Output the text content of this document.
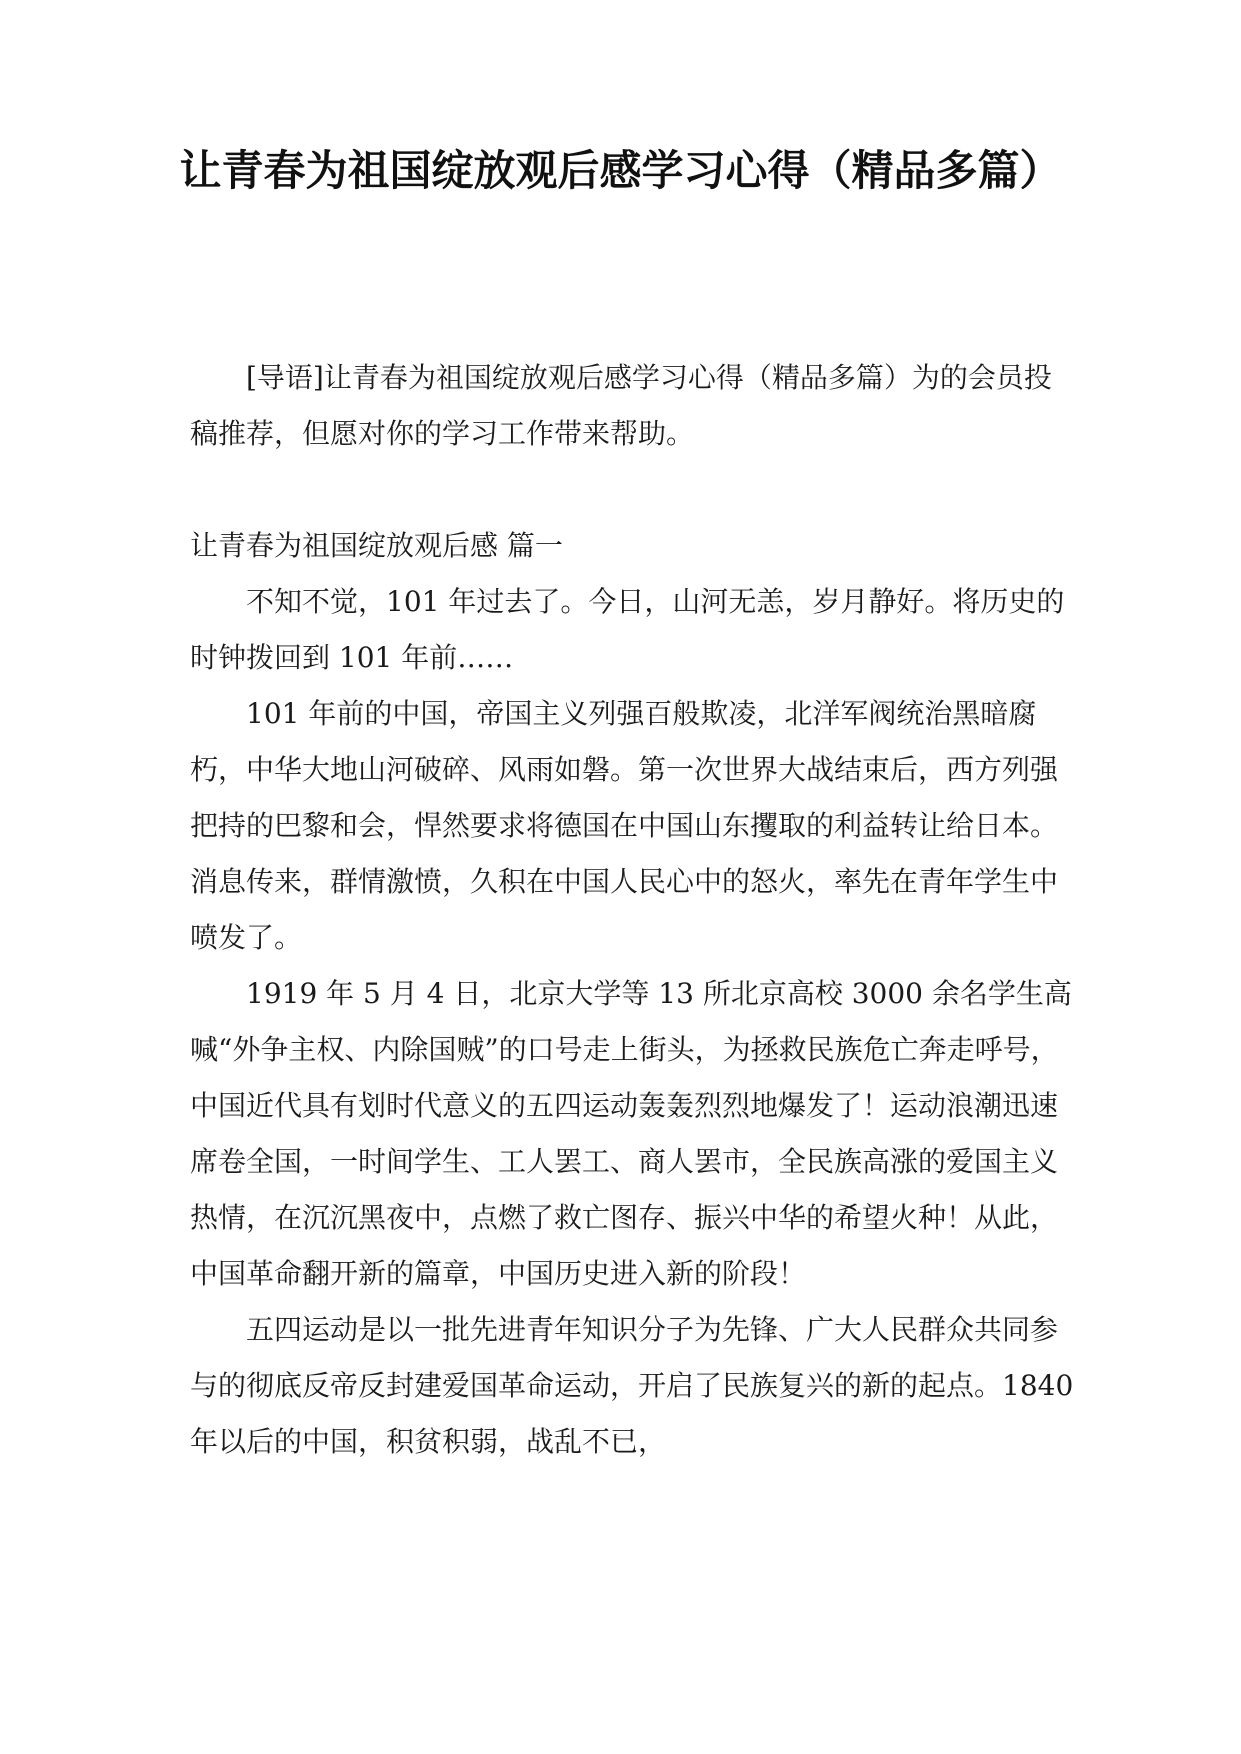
让青春为祖国绽放观后感学习心得（精品多篇）

[导语]让青春为祖国绽放观后感学习心得（精品多篇）为的会员投稿推荐，但愿对你的学习工作带来帮助。

让青春为祖国绽放观后感 篇一

不知不觉，101 年过去了。今日，山河无恙，岁月静好。将历史的时钟拨回到 101 年前……

101 年前的中国，帝国主义列强百般欺凌，北洋军阀统治黑暗腐朽，中华大地山河破碎、风雨如磐。第一次世界大战结束后，西方列强把持的巴黎和会，悍然要求将德国在中国山东攫取的利益转让给日本。消息传来，群情激愤，久积在中国人民心中的怒火，率先在青年学生中喷发了。

1919 年 5 月 4 日，北京大学等 13 所北京高校 3000 余名学生高喊“外争主权、内除国贼”的口号走上街头，为拯救民族危亡奔走呼号，中国近代具有划时代意义的五四运动轰轰烈烈地爆发了！运动浪潮迅速席卷全国，一时间学生、工人罢工、商人罢市，全民族高涨的爱国主义热情，在沉沉黑夜中，点燃了救亡图存、振兴中华的希望火种！从此，中国革命翻开新的篇章，中国历史进入新的阶段！

五四运动是以一批先进青年知识分子为先锋、广大人民群众共同参与的彻底反帝反封建爱国革命运动，开启了民族复兴的新的起点。1840 年以后的中国，积贫积弱，战乱不已，
